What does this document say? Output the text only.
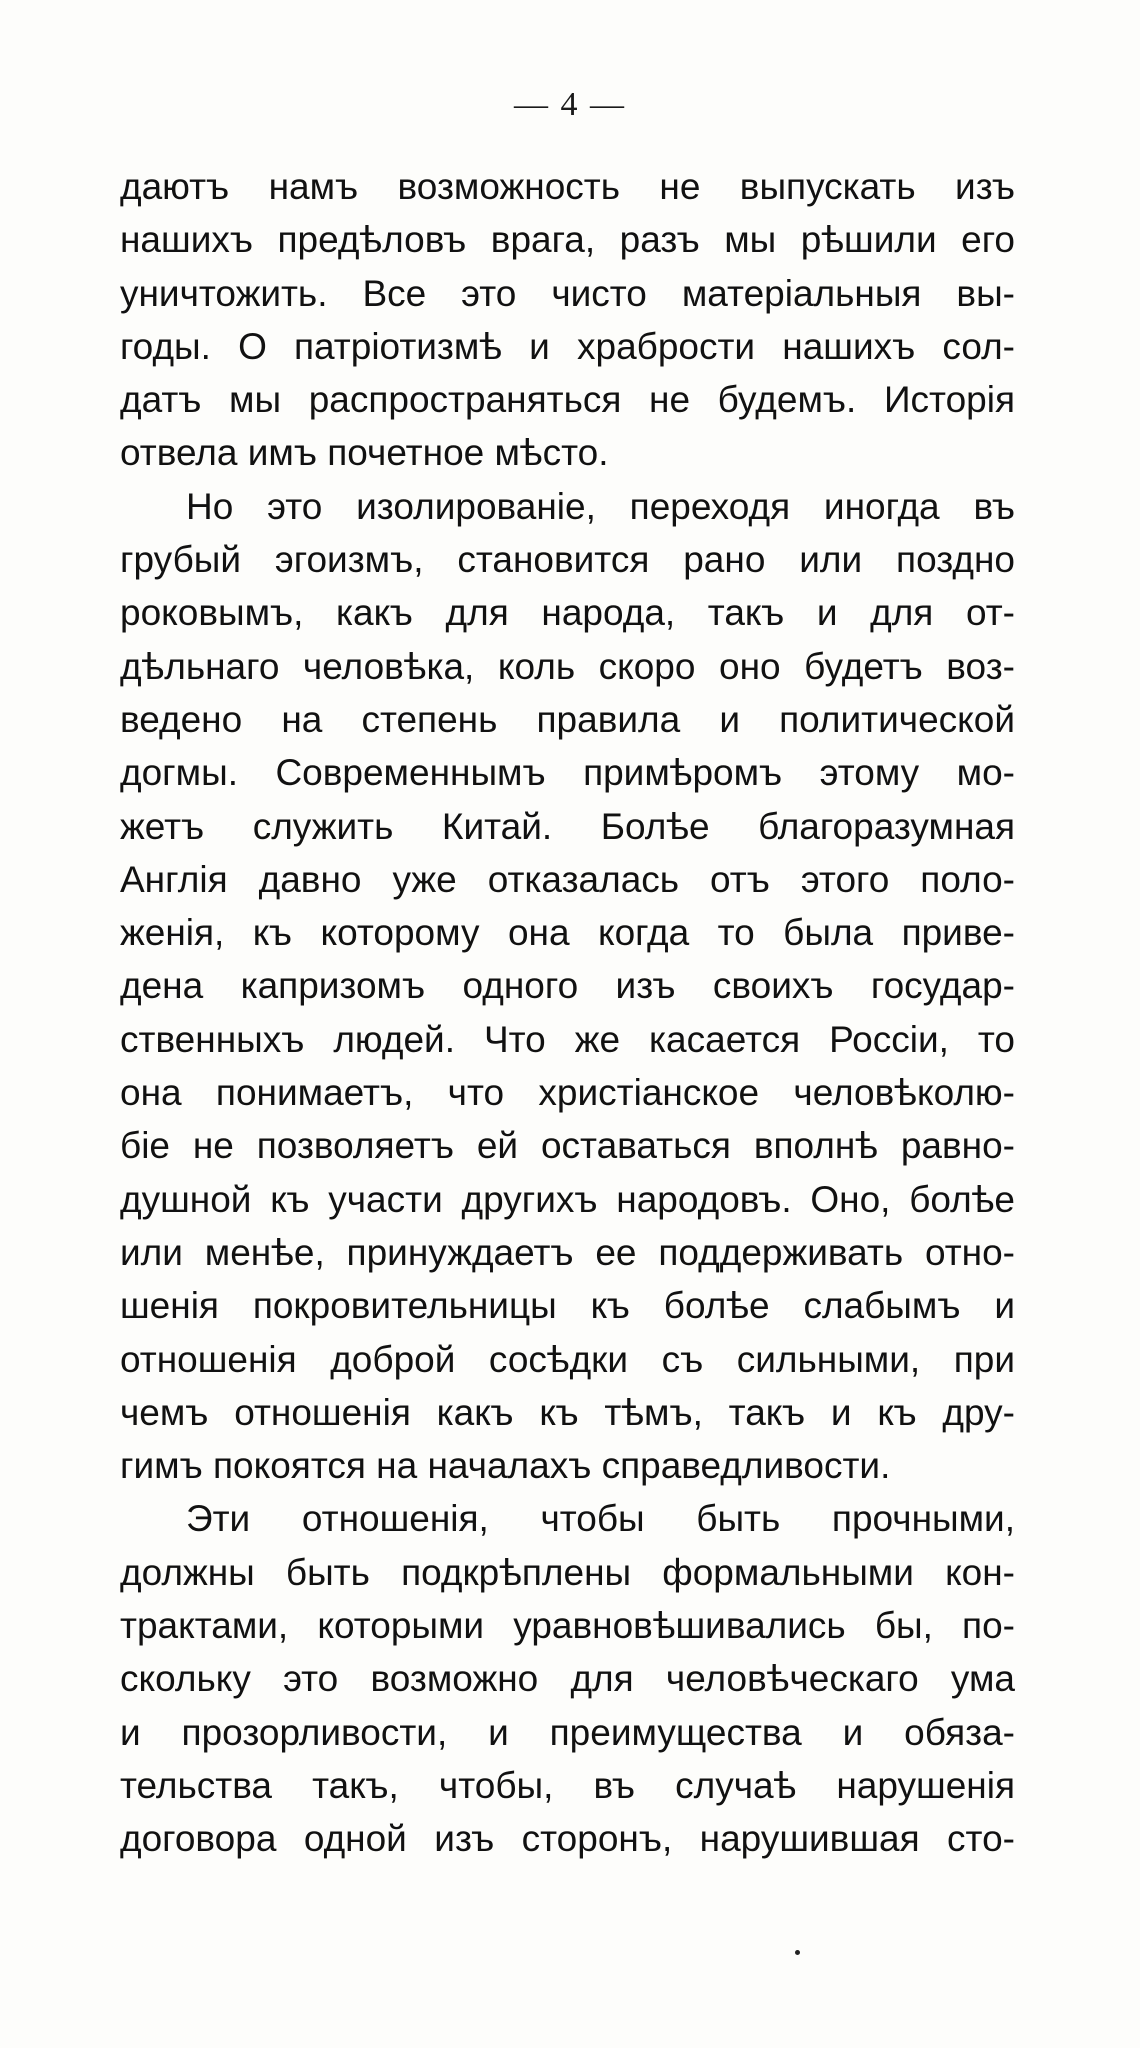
— 4 —
даютъ намъ возможность не выпускать изъ
нашихъ предѣловъ врага, разъ мы рѣшили его
уничтожить. Все это чисто матеріальныя вы-
годы. О патріотизмѣ и храбрости нашихъ сол-
датъ мы распространяться не будемъ. Исторія
отвела имъ почетное мѣсто.
Но это изолированіе, переходя иногда въ
грубый эгоизмъ, становится рано или поздно
роковымъ, какъ для народа, такъ и для от-
дѣльнаго человѣка, коль скоро оно будетъ воз-
ведено на степень правила и политической
догмы. Современнымъ примѣромъ этому мо-
жетъ служить Китай. Болѣе благоразумная
Англія давно уже отказалась отъ этого поло-
женія, къ которому она когда то была приве-
дена капризомъ одного изъ своихъ государ-
ственныхъ людей. Что же касается Россіи, то
она понимаетъ, что христіанское человѣколю-
біе не позволяетъ ей оставаться вполнѣ равно-
душной къ участи другихъ народовъ. Оно, болѣе
или менѣе, принуждаетъ ее поддерживать отно-
шенія покровительницы къ болѣе слабымъ и
отношенія доброй сосѣдки съ сильными, при
чемъ отношенія какъ къ тѣмъ, такъ и къ дру-
гимъ покоятся на началахъ справедливости.
Эти отношенія, чтобы быть прочными,
должны быть подкрѣплены формальными кон-
трактами, которыми уравновѣшивались бы, по-
скольку это возможно для человѣческаго ума
и прозорливости, и преимущества и обяза-
тельства такъ, чтобы, въ случаѣ нарушенія
договора одной изъ сторонъ, нарушившая сто-
